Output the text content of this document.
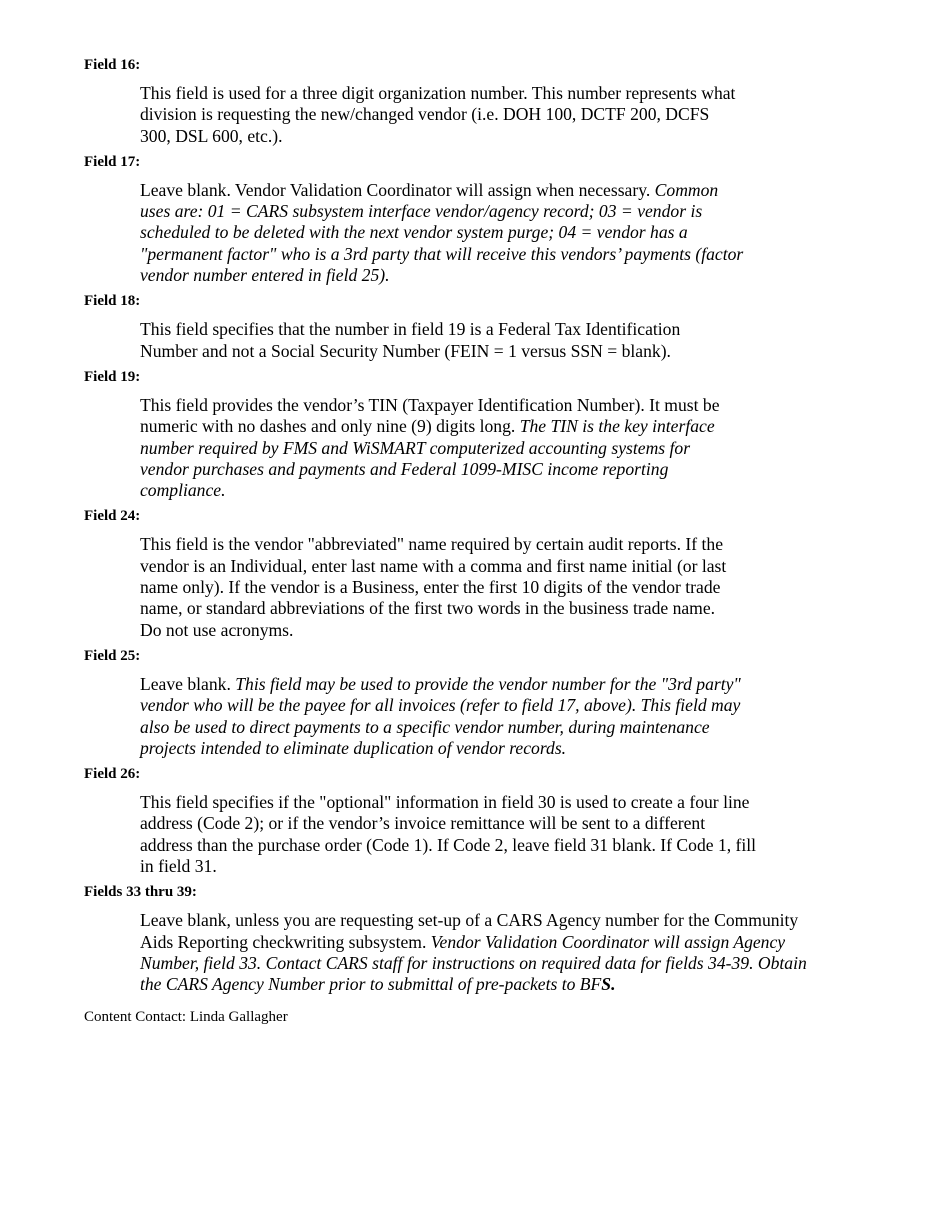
Field 16:
This field is used for a three digit organization number. This number represents what division is requesting the new/changed vendor (i.e. DOH 100, DCTF 200, DCFS 300, DSL 600, etc.).
Field 17:
Leave blank. Vendor Validation Coordinator will assign when necessary. Common uses are: 01 = CARS subsystem interface vendor/agency record; 03 = vendor is scheduled to be deleted with the next vendor system purge; 04 = vendor has a "permanent factor" who is a 3rd party that will receive this vendors’ payments (factor vendor number entered in field 25).
Field 18:
This field specifies that the number in field 19 is a Federal Tax Identification Number and not a Social Security Number (FEIN = 1 versus SSN = blank).
Field 19:
This field provides the vendor’s TIN (Taxpayer Identification Number). It must be numeric with no dashes and only nine (9) digits long. The TIN is the key interface number required by FMS and WiSMART computerized accounting systems for vendor purchases and payments and Federal 1099-MISC income reporting compliance.
Field 24:
This field is the vendor "abbreviated" name required by certain audit reports. If the vendor is an Individual, enter last name with a comma and first name initial (or last name only). If the vendor is a Business, enter the first 10 digits of the vendor trade name, or standard abbreviations of the first two words in the business trade name. Do not use acronyms.
Field 25:
Leave blank. This field may be used to provide the vendor number for the "3rd party" vendor who will be the payee for all invoices (refer to field 17, above). This field may also be used to direct payments to a specific vendor number, during maintenance projects intended to eliminate duplication of vendor records.
Field 26:
This field specifies if the "optional" information in field 30 is used to create a four line address (Code 2); or if the vendor’s invoice remittance will be sent to a different address than the purchase order (Code 1). If Code 2, leave field 31 blank. If Code 1, fill in field 31.
Fields 33 thru 39:
Leave blank, unless you are requesting set-up of a CARS Agency number for the Community Aids Reporting checkwriting subsystem. Vendor Validation Coordinator will assign Agency Number, field 33. Contact CARS staff for instructions on required data for fields 34-39. Obtain the CARS Agency Number prior to submittal of pre-packets to BFS.
Content Contact: Linda Gallagher
